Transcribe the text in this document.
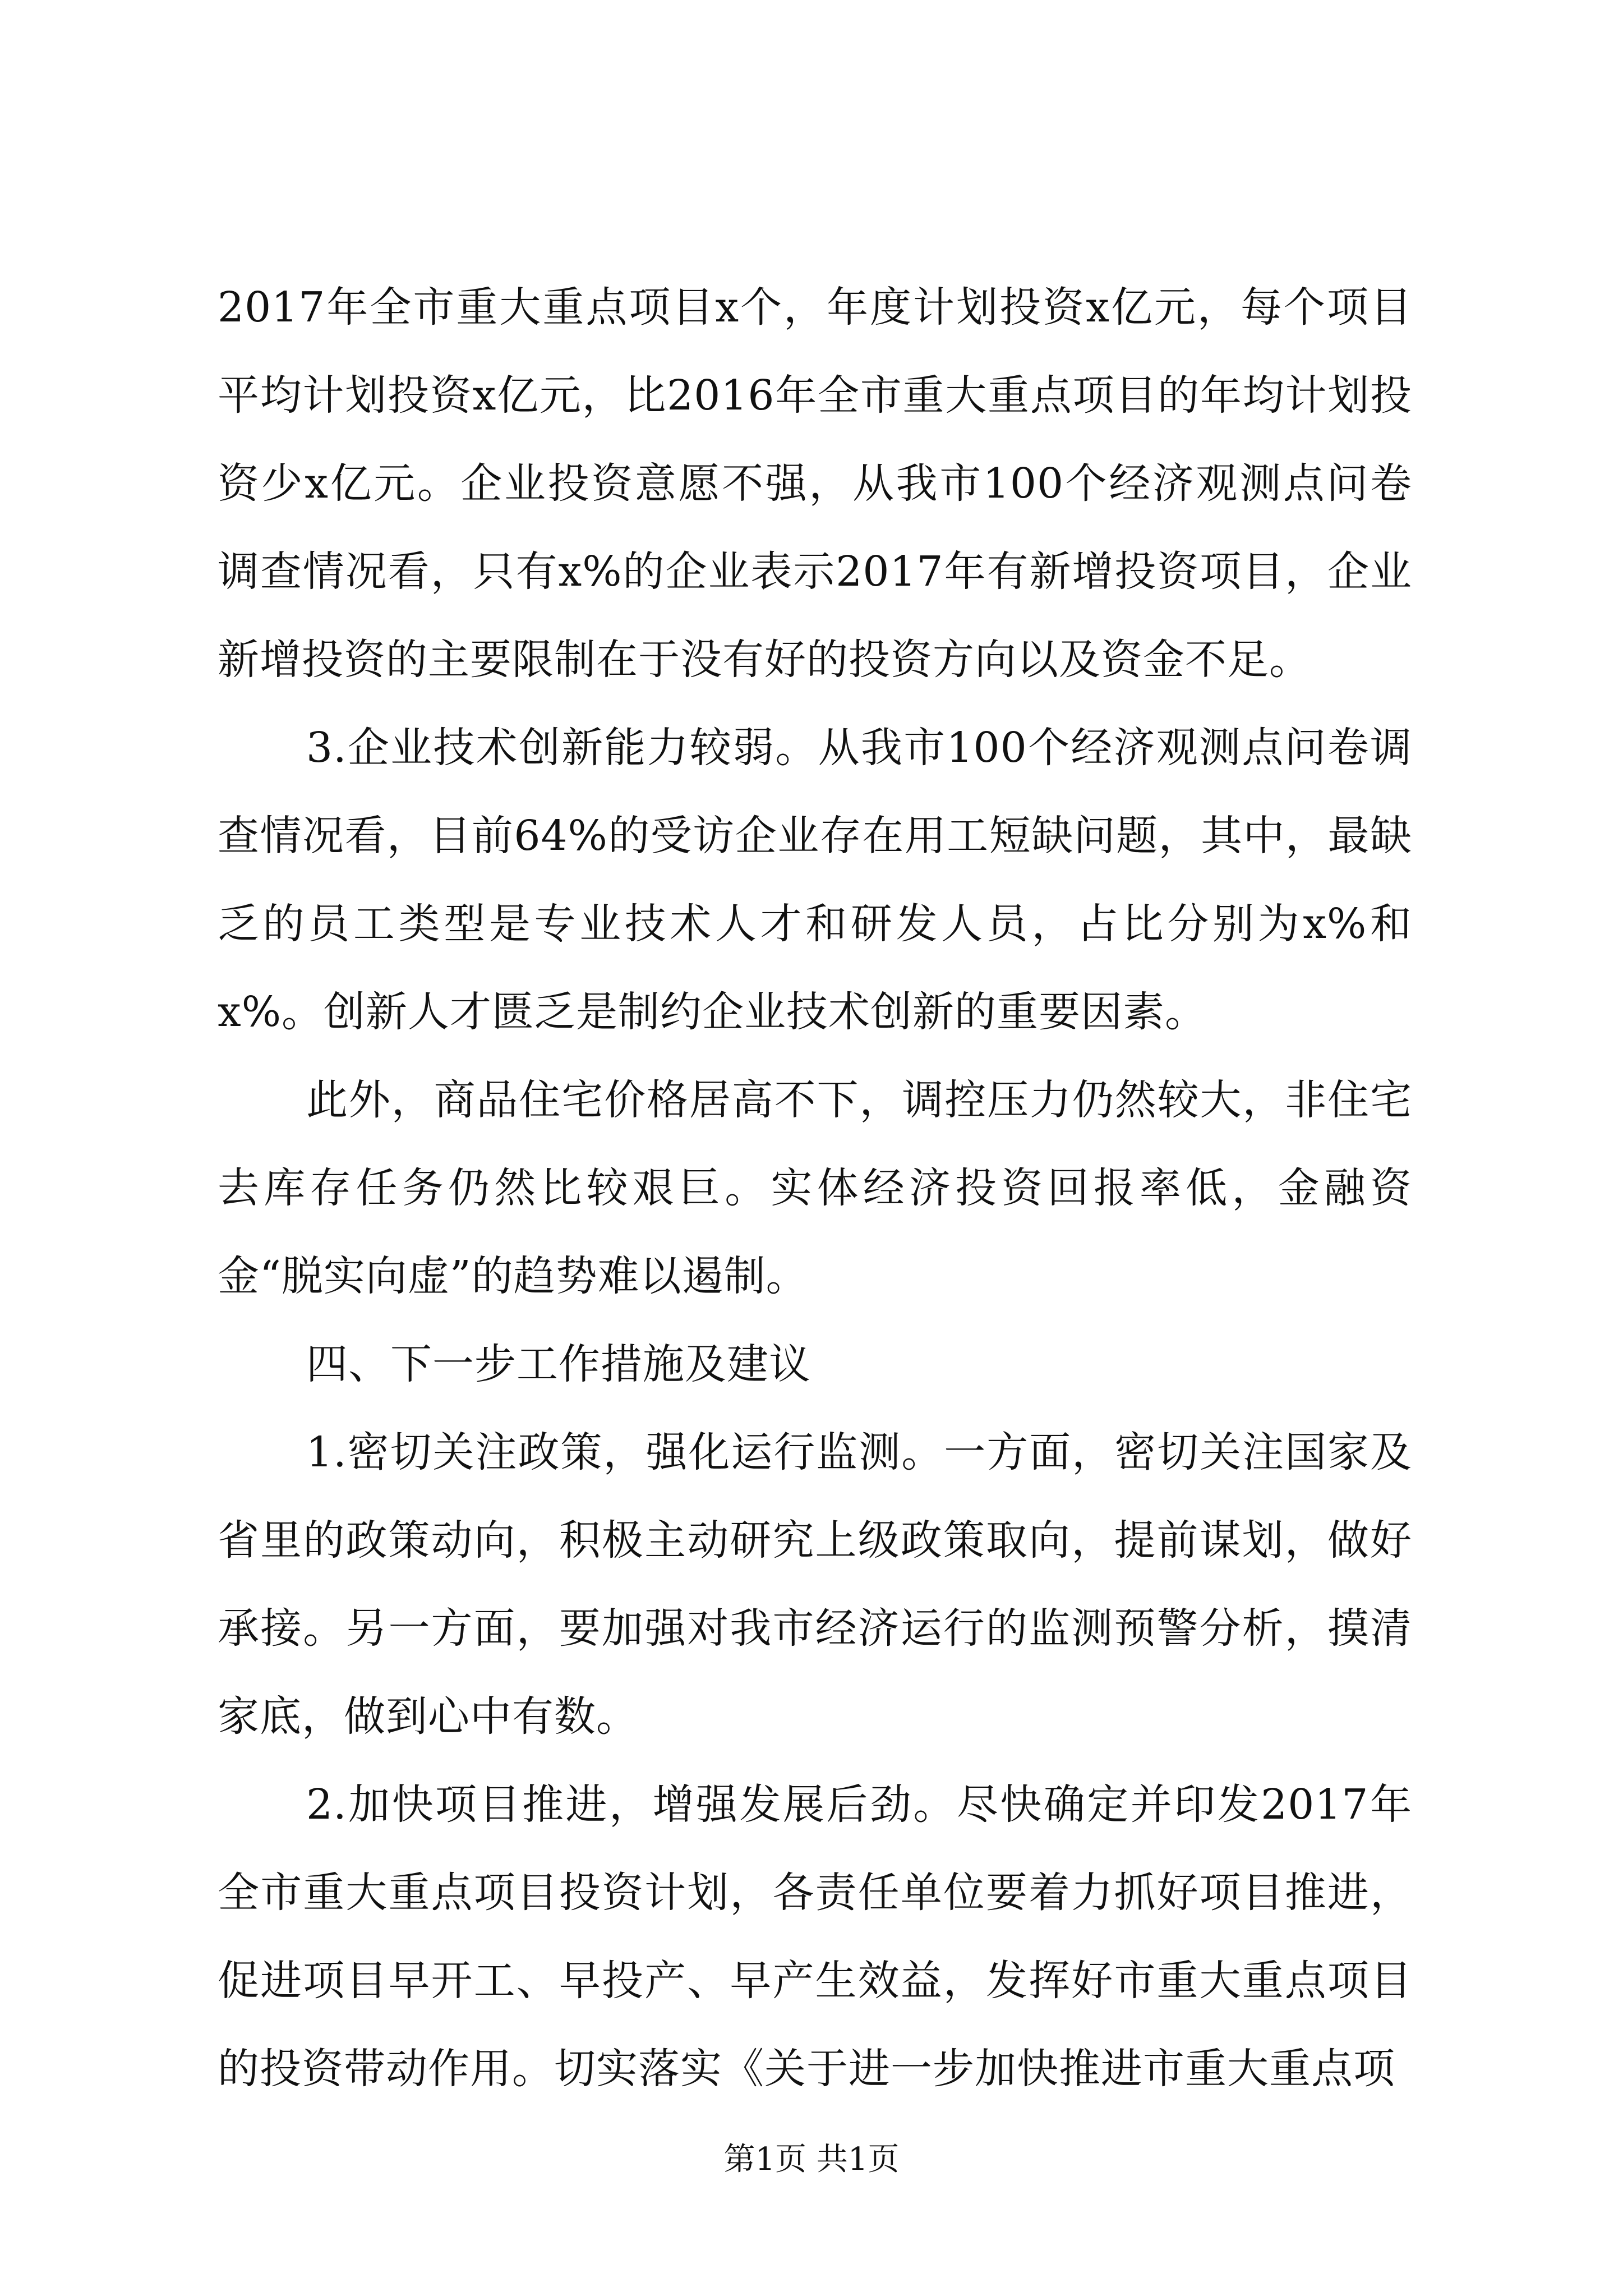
2017年全市重大重点项目x个，年度计划投资x亿元，每个项目平均计划投资x亿元，比2016年全市重大重点项目的年均计划投资少x亿元。企业投资意愿不强，从我市100个经济观测点问卷调查情况看，只有x%的企业表示2017年有新增投资项目，企业新增投资的主要限制在于没有好的投资方向以及资金不足。

3.企业技术创新能力较弱。从我市100个经济观测点问卷调查情况看，目前64%的受访企业存在用工短缺问题，其中，最缺乏的员工类型是专业技术人才和研发人员，占比分别为x%和x%。创新人才匮乏是制约企业技术创新的重要因素。

此外，商品住宅价格居高不下，调控压力仍然较大，非住宅去库存任务仍然比较艰巨。实体经济投资回报率低，金融资金“脱实向虚”的趋势难以遏制。

四、下一步工作措施及建议

1.密切关注政策，强化运行监测。一方面，密切关注国家及省里的政策动向，积极主动研究上级政策取向，提前谋划，做好承接。另一方面，要加强对我市经济运行的监测预警分析，摸清家底，做到心中有数。

2.加快项目推进，增强发展后劲。尽快确定并印发2017年全市重大重点项目投资计划，各责任单位要着力抓好项目推进，促进项目早开工、早投产、早产生效益，发挥好市重大重点项目的投资带动作用。切实落实《关于进一步加快推进市重大重点项

第1页 共1页
